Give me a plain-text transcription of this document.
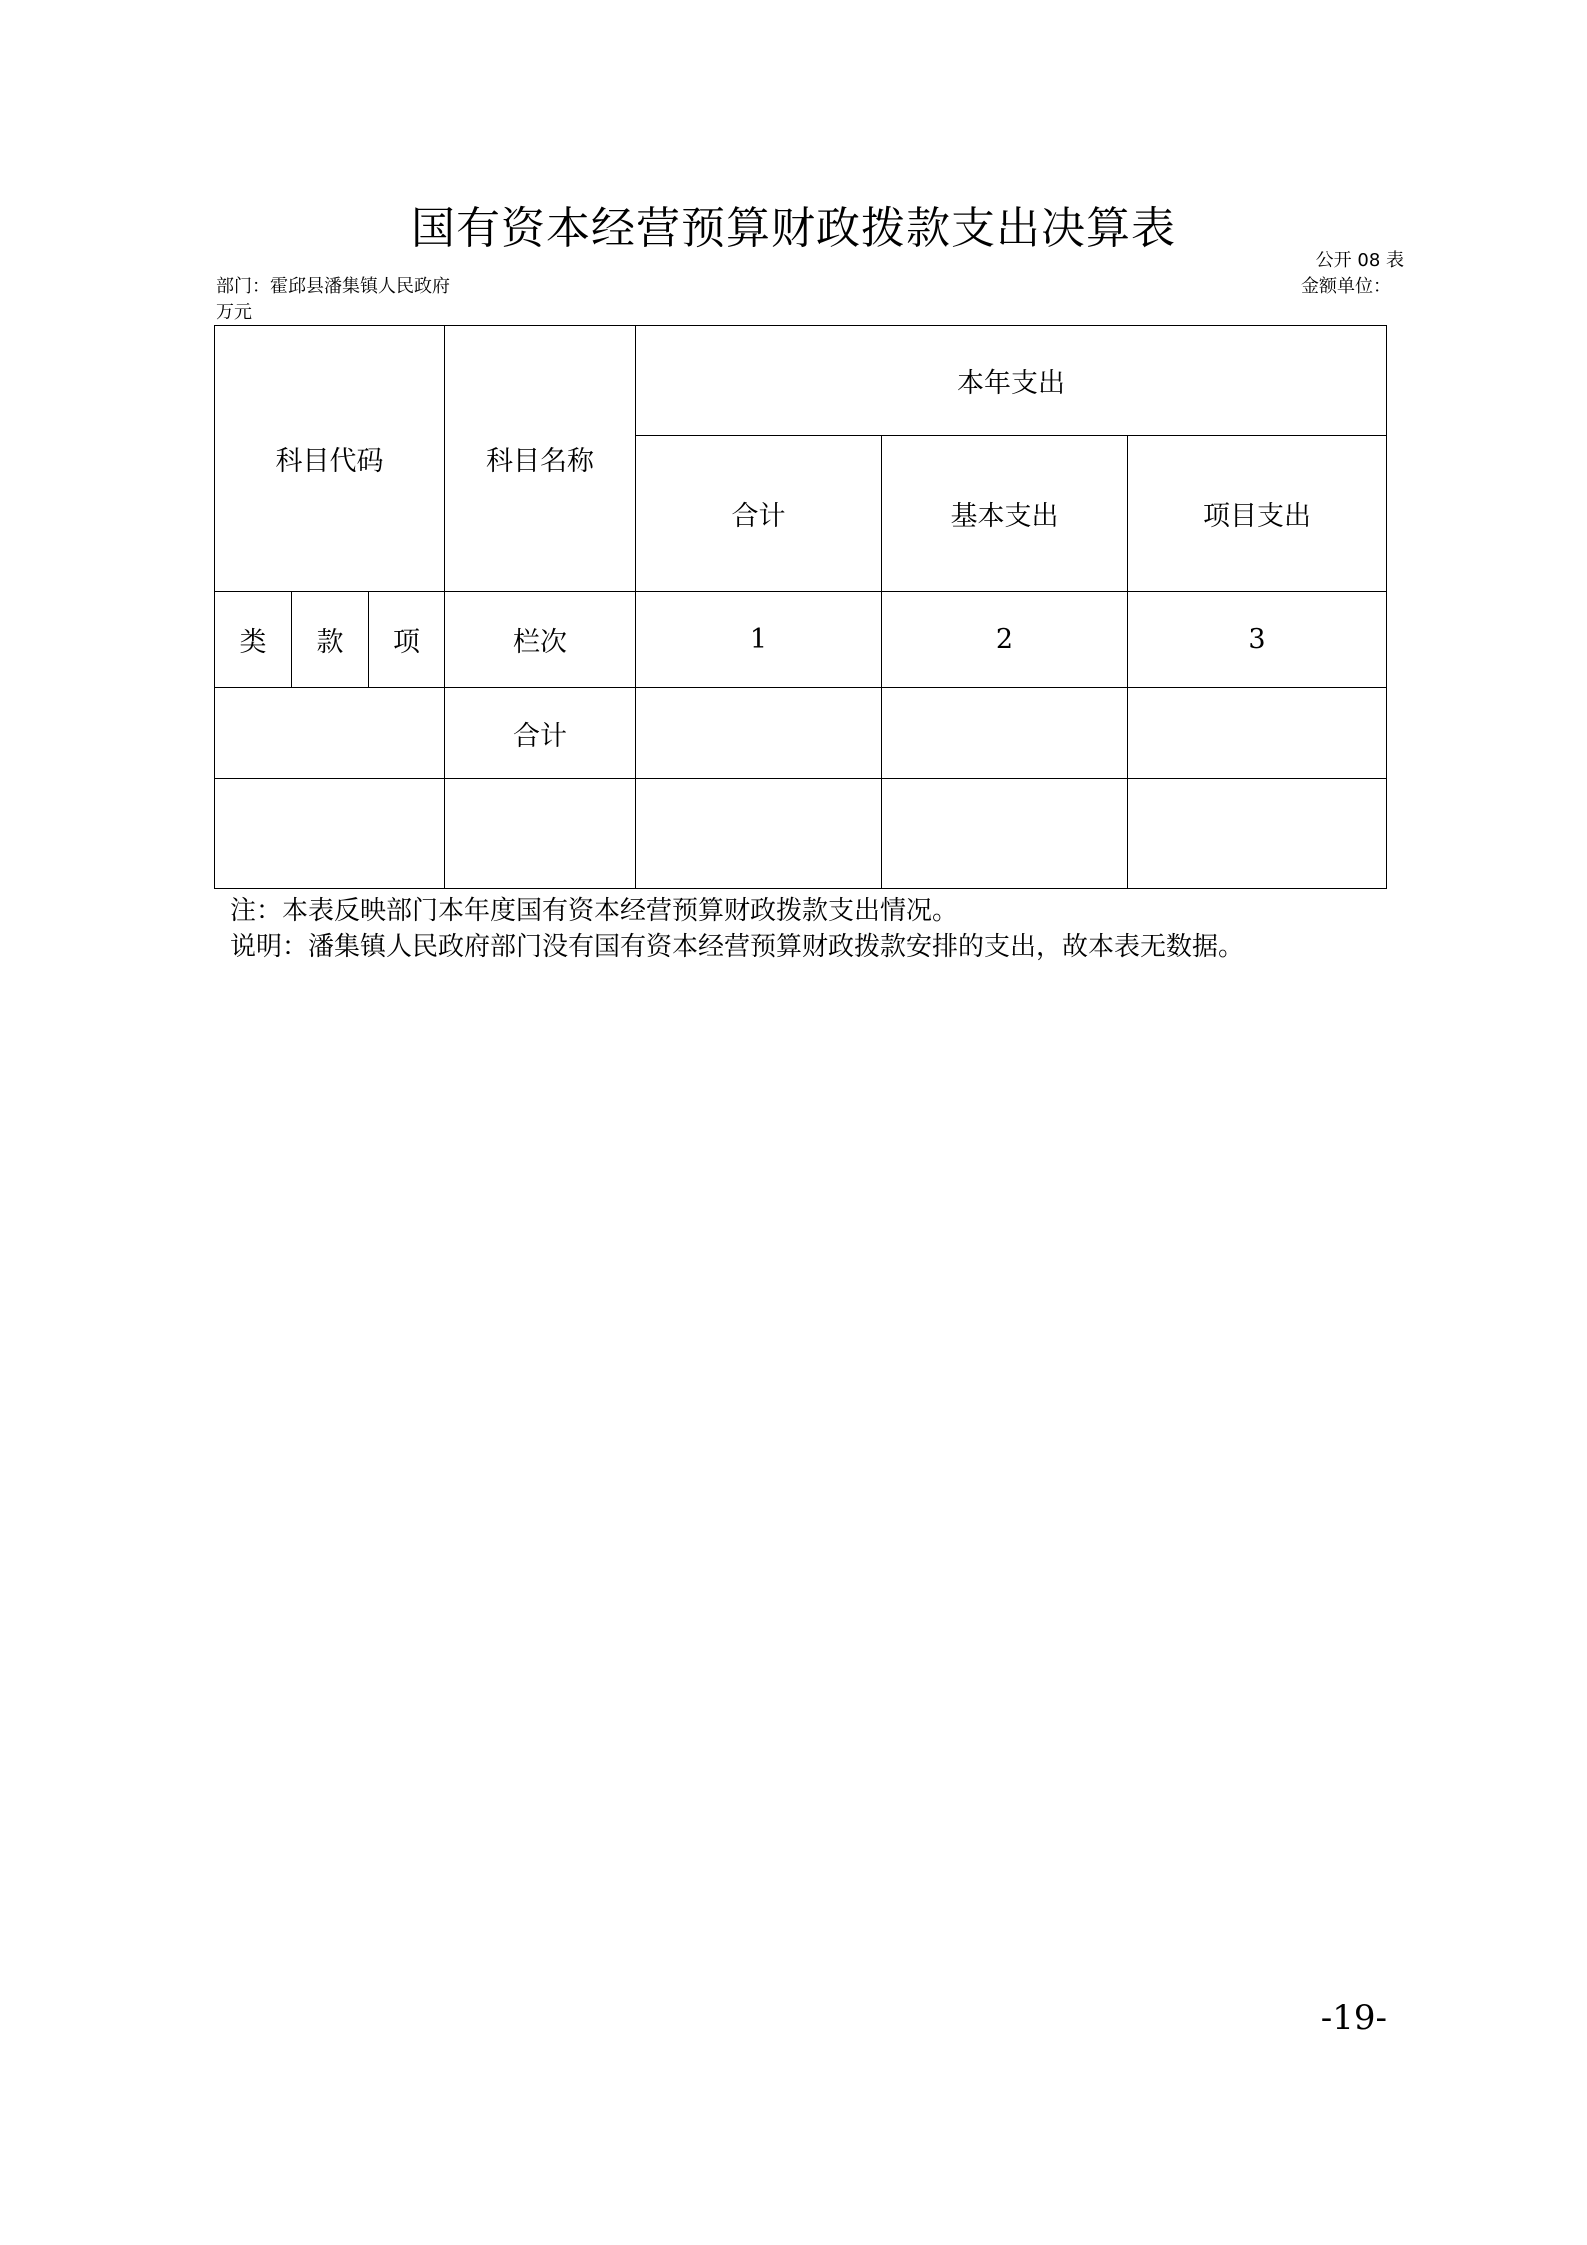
国有资本经营预算财政拨款支出决算表
公开 08 表
部门：霍邱县潘集镇人民政府	金额单位：
万元
科目代码			科目名称	本年支出		
				合计	基本支出	项目支出
类	款	项	栏次	1	2	3
			合计			

注：本表反映部门本年度国有资本经营预算财政拨款支出情况。
说明：潘集镇人民政府部门没有国有资本经营预算财政拨款安排的支出，故本表无数据。
-19-
